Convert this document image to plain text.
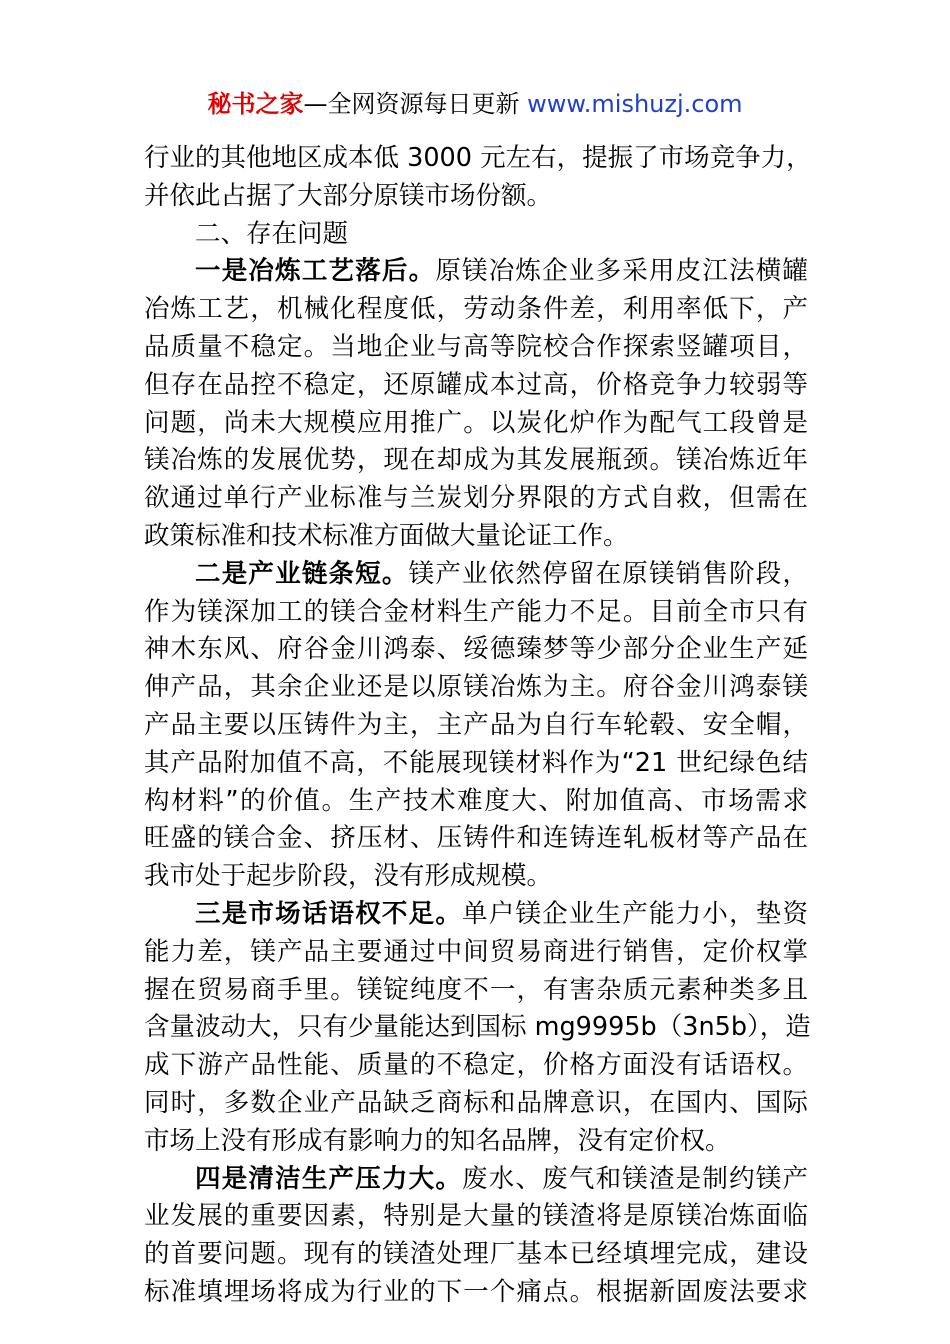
秘书之家—全网资源每日更新 www.mishuzj.com
行业的其他地区成本低 3000 元左右，提振了市场竞争力，
并依此占据了大部分原镁市场份额。
二、存在问题
一是冶炼工艺落后。原镁冶炼企业多采用皮江法横罐
冶炼工艺，机械化程度低，劳动条件差，利用率低下，产
品质量不稳定。当地企业与高等院校合作探索竖罐项目，
但存在品控不稳定，还原罐成本过高，价格竞争力较弱等
问题，尚未大规模应用推广。以炭化炉作为配气工段曾是
镁冶炼的发展优势，现在却成为其发展瓶颈。镁冶炼近年
欲通过单行产业标准与兰炭划分界限的方式自救，但需在
政策标准和技术标准方面做大量论证工作。
二是产业链条短。镁产业依然停留在原镁销售阶段，
作为镁深加工的镁合金材料生产能力不足。目前全市只有
神木东风、府谷金川鸿泰、绥德臻梦等少部分企业生产延
伸产品，其余企业还是以原镁冶炼为主。府谷金川鸿泰镁
产品主要以压铸件为主，主产品为自行车轮毂、安全帽，
其产品附加值不高，不能展现镁材料作为“21 世纪绿色结
构材料”的价值。生产技术难度大、附加值高、市场需求
旺盛的镁合金、挤压材、压铸件和连铸连轧板材等产品在
我市处于起步阶段，没有形成规模。
三是市场话语权不足。单户镁企业生产能力小，垫资
能力差，镁产品主要通过中间贸易商进行销售，定价权掌
握在贸易商手里。镁锭纯度不一，有害杂质元素种类多且
含量波动大，只有少量能达到国标 mg9995b（3n5b），造
成下游产品性能、质量的不稳定，价格方面没有话语权。
同时，多数企业产品缺乏商标和品牌意识，在国内、国际
市场上没有形成有影响力的知名品牌，没有定价权。
四是清洁生产压力大。废水、废气和镁渣是制约镁产
业发展的重要因素，特别是大量的镁渣将是原镁冶炼面临
的首要问题。现有的镁渣处理厂基本已经填埋完成，建设
标准填埋场将成为行业的下一个痛点。根据新固废法要求
